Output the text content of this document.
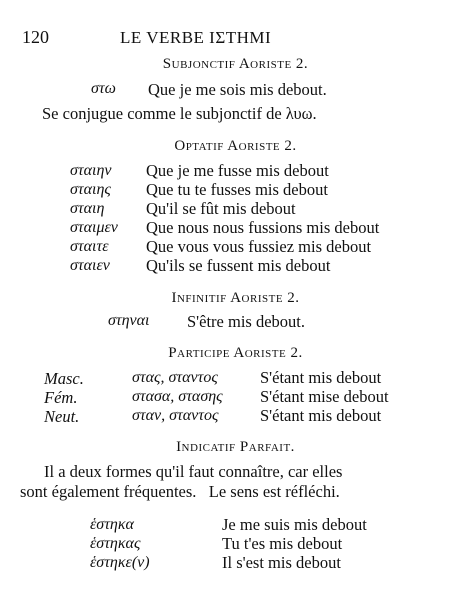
120	LE VERBE ΙΣΤΗΜΙ
Subjonctif Aoriste 2.
στω Que je me sois mis debout.
Se conjugue comme le subjonctif de λυω.
Optatif Aoriste 2.
σταιην Que je me fusse mis debout
σταιης Que tu te fusses mis debout
σταιη	Qu'il se fût mis debout
σταιμεν Que nous nous fussions mis debout
σταιτε Que vous vous fussiez mis debout
σταιεν Qu'ils se fussent mis debout
Infinitif Aoriste 2.
στηναι S'être mis debout.
Participe Aoriste 2.
Masc.	στας, σταντος	S'étant mis debout
Fém.	στασα, στασης S'étant mise debout
Neut.	σταν, σταντος	S'étant mis debout
Indicatif Parfait.
Il a deux formes qu'il faut connaître, car elles
sont également fréquentes.   Le sens est réfléchi.
ἑστηκα	Je me suis mis debout
ἑστηκας	Tu t'es mis debout
ἑστηκε(ν)	Il s'est mis debout
